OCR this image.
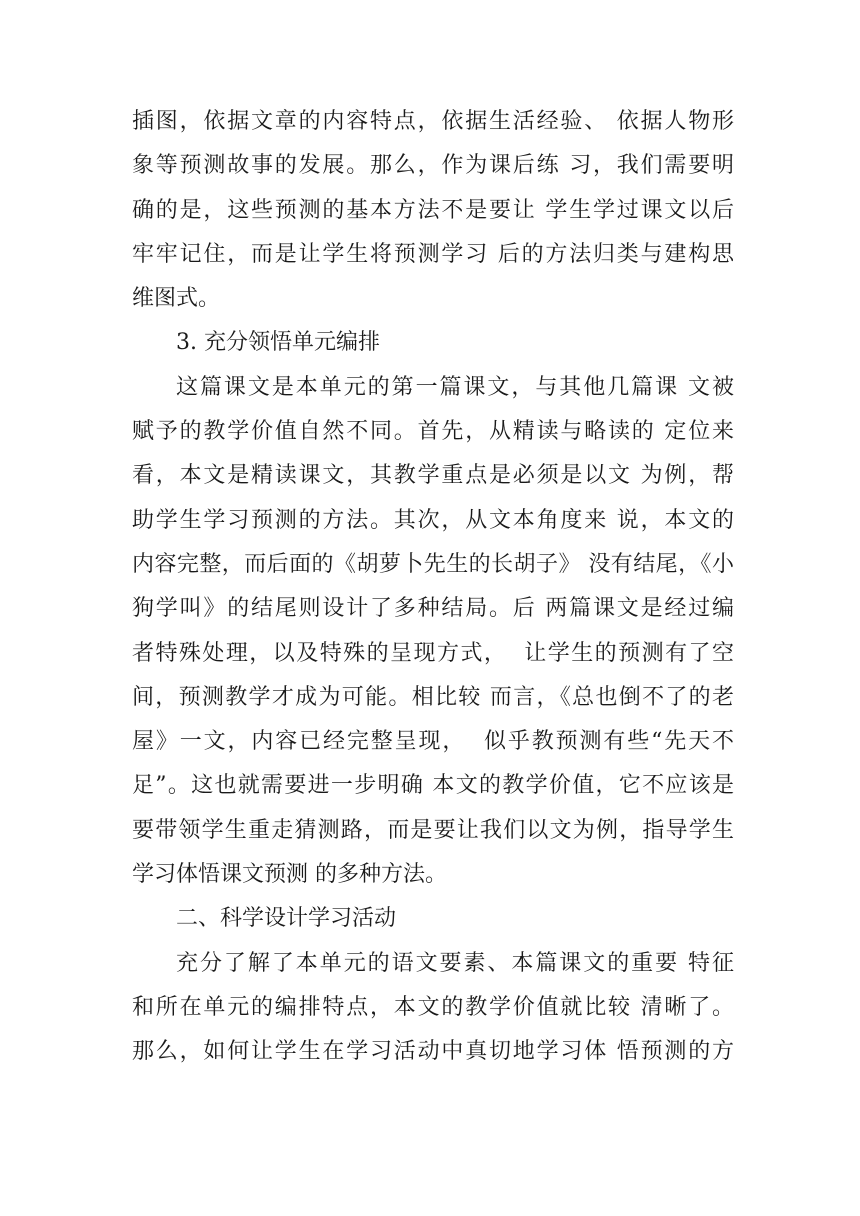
插图，依据文章的内容特点，依据生活经验、 依据人物形
象等预测故事的发展。那么，作为课后练 习，我们需要明
确的是，这些预测的基本方法不是要让 学生学过课文以后
牢牢记住，而是让学生将预测学习 后的方法归类与建构思
维图式。
3. 充分领悟单元编排
这篇课文是本单元的第一篇课文，与其他几篇课 文被
赋予的教学价值自然不同。首先，从精读与略读的 定位来
看，本文是精读课文，其教学重点是必须是以文 为例，帮
助学生学习预测的方法。其次，从文本角度来 说，本文的
内容完整，而后面的《胡萝卜先生的长胡子》 没有结尾，《小
狗学叫》的结尾则设计了多种结局。后 两篇课文是经过编
者特殊处理，以及特殊的呈现方式，  让学生的预测有了空
间，预测教学才成为可能。相比较 而言，《总也倒不了的老
屋》一文，内容已经完整呈现，  似乎教预测有些“先天不
足”。这也就需要进一步明确 本文的教学价值，它不应该是
要带领学生重走猜测路，而是要让我们以文为例，指导学生
学习体悟课文预测 的多种方法。
二、科学设计学习活动
充分了解了本单元的语文要素、本篇课文的重要 特征
和所在单元的编排特点，本文的教学价值就比较 清晰了。
那么，如何让学生在学习活动中真切地学习体 悟预测的方
